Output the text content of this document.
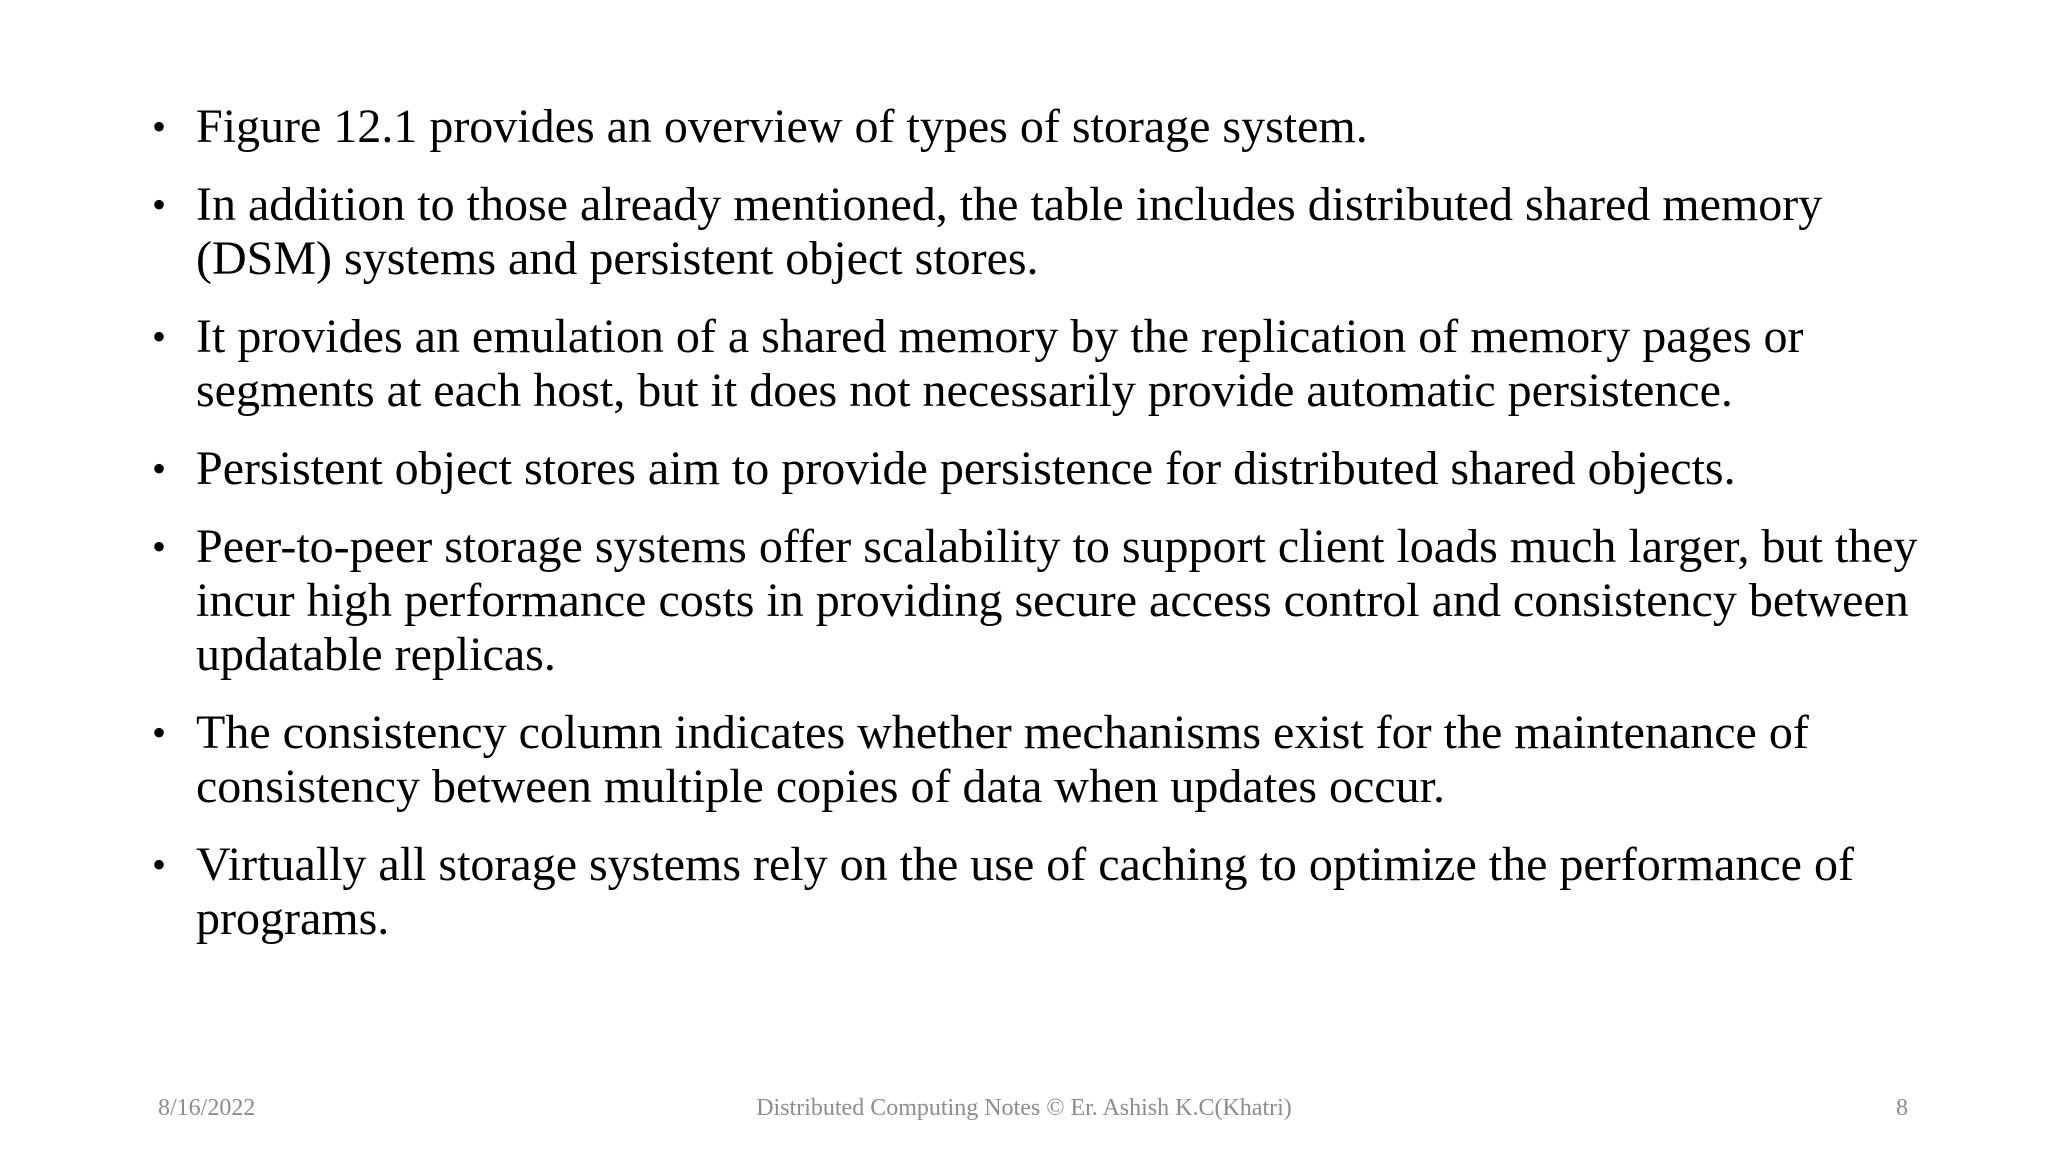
• Figure 12.1 provides an overview of types of storage system.
• In addition to those already mentioned, the table includes distributed shared memory (DSM) systems and persistent object stores.
• It provides an emulation of a shared memory by the replication of memory pages or segments at each host, but it does not necessarily provide automatic persistence.
• Persistent object stores aim to provide persistence for distributed shared objects.
• Peer-to-peer storage systems offer scalability to support client loads much larger, but they incur high performance costs in providing secure access control and consistency between updatable replicas.
• The consistency column indicates whether mechanisms exist for the maintenance of consistency between multiple copies of data when updates occur.
• Virtually all storage systems rely on the use of caching to optimize the performance of programs.
8/16/2022	Distributed Computing Notes © Er. Ashish K.C(Khatri)	8
